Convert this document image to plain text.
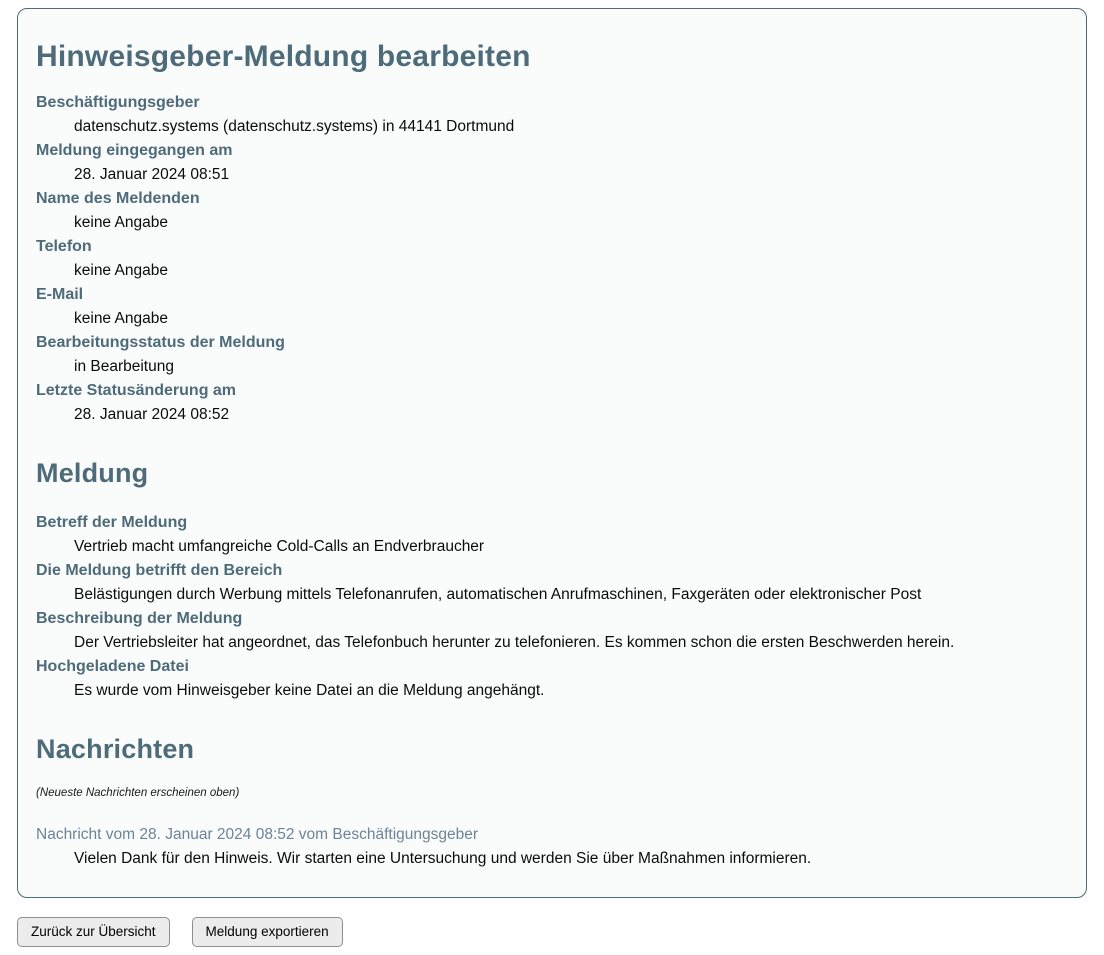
Hinweisgeber-Meldung bearbeiten
Beschäftigungsgeber
datenschutz.systems (datenschutz.systems) in 44141 Dortmund
Meldung eingegangen am
28. Januar 2024 08:51
Name des Meldenden
keine Angabe
Telefon
keine Angabe
E-Mail
keine Angabe
Bearbeitungsstatus der Meldung
in Bearbeitung
Letzte Statusänderung am
28. Januar 2024 08:52
Meldung
Betreff der Meldung
Vertrieb macht umfangreiche Cold-Calls an Endverbraucher
Die Meldung betrifft den Bereich
Belästigungen durch Werbung mittels Telefonanrufen, automatischen Anrufmaschinen, Faxgeräten oder elektronischer Post
Beschreibung der Meldung
Der Vertriebsleiter hat angeordnet, das Telefonbuch herunter zu telefonieren. Es kommen schon die ersten Beschwerden herein.
Hochgeladene Datei
Es wurde vom Hinweisgeber keine Datei an die Meldung angehängt.
Nachrichten

(Neueste Nachrichten erscheinen oben)

Nachricht vom 28. Januar 2024 08:52 vom Beschäftigungsgeber
Vielen Dank für den Hinweis. Wir starten eine Untersuchung und werden Sie über Maßnahmen informieren.
Zurück zur Übersicht	Meldung exportieren
